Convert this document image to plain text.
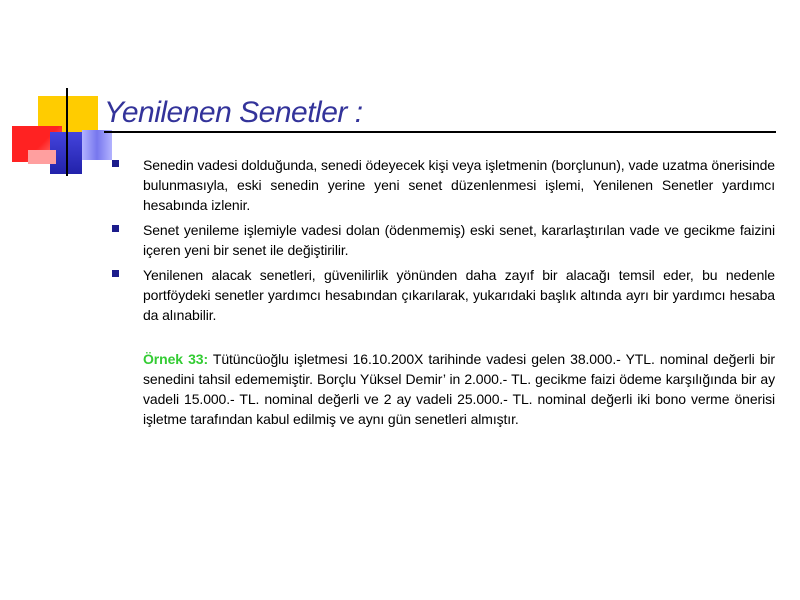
Yenilenen Senetler :
Senedin vadesi dolduğunda, senedi ödeyecek kişi veya işletmenin (borçlunun), vade uzatma önerisinde bulunmasıyla, eski senedin yerine yeni senet düzenlenmesi işlemi, Yenilenen Senetler yardımcı hesabında izlenir.
Senet yenileme işlemiyle vadesi dolan (ödenmemiş) eski senet, kararlaştırılan vade ve gecikme faizini içeren yeni bir senet ile değiştirilir.
Yenilenen alacak senetleri, güvenilirlik yönünden daha zayıf bir alacağı temsil eder, bu nedenle portföydeki senetler yardımcı hesabından çıkarılarak, yukarıdaki başlık altında ayrı bir yardımcı hesaba da alınabilir.
Örnek 33: Tütüncüoğlu işletmesi 16.10.200X tarihinde vadesi gelen 38.000.- YTL. nominal değerli bir senedini tahsil edememiştir. Borçlu Yüksel Demir’ in 2.000.- TL. gecikme faizi ödeme karşılığında bir ay vadeli 15.000.- TL. nominal değerli ve 2 ay vadeli 25.000.- TL. nominal değerli iki bono verme önerisi işletme tarafından kabul edilmiş ve aynı gün senetleri almıştır.
